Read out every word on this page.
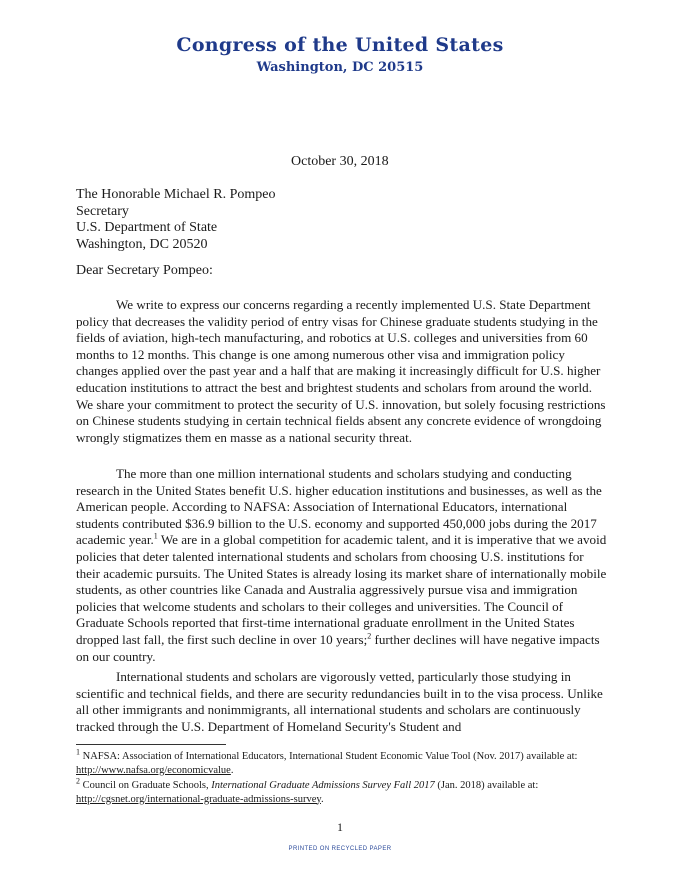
Congress of the United States
Washington, DC 20515
October 30, 2018
The Honorable Michael R. Pompeo
Secretary
U.S. Department of State
Washington, DC 20520
Dear Secretary Pompeo:

We write to express our concerns regarding a recently implemented U.S. State Department policy that decreases the validity period of entry visas for Chinese graduate students studying in the fields of aviation, high-tech manufacturing, and robotics at U.S. colleges and universities from 60 months to 12 months. This change is one among numerous other visa and immigration policy changes applied over the past year and a half that are making it increasingly difficult for U.S. higher education institutions to attract the best and brightest students and scholars from around the world. We share your commitment to protect the security of U.S. innovation, but solely focusing restrictions on Chinese students studying in certain technical fields absent any concrete evidence of wrongdoing wrongly stigmatizes them en masse as a national security threat.

The more than one million international students and scholars studying and conducting research in the United States benefit U.S. higher education institutions and businesses, as well as the American people. According to NAFSA: Association of International Educators, international students contributed $36.9 billion to the U.S. economy and supported 450,000 jobs during the 2017 academic year.$^1$ We are in a global competition for academic talent, and it is imperative that we avoid policies that deter talented international students and scholars from choosing U.S. institutions for their academic pursuits. The United States is already losing its market share of internationally mobile students, as other countries like Canada and Australia aggressively pursue visa and immigration policies that welcome students and scholars to their colleges and universities. The Council of Graduate Schools reported that first-time international graduate enrollment in the United States dropped last fall, the first such decline in over 10 years;$^2$ further declines will have negative impacts on our country.

International students and scholars are vigorously vetted, particularly those studying in scientific and technical fields, and there are security redundancies built in to the visa process. Unlike all other immigrants and nonimmigrants, all international students and scholars are continuously tracked through the U.S. Department of Homeland Security's Student and

$^1$ NAFSA: Association of International Educators, International Student Economic Value Tool (Nov. 2017) available at: http://www.nafsa.org/economicvalue.

$^2$ Council on Graduate Schools, International Graduate Admissions Survey Fall 2017 (Jan. 2018) available at:
http://cgsnet.org/international-graduate-admissions-survey.

1
PRINTED ON RECYCLED PAPER
